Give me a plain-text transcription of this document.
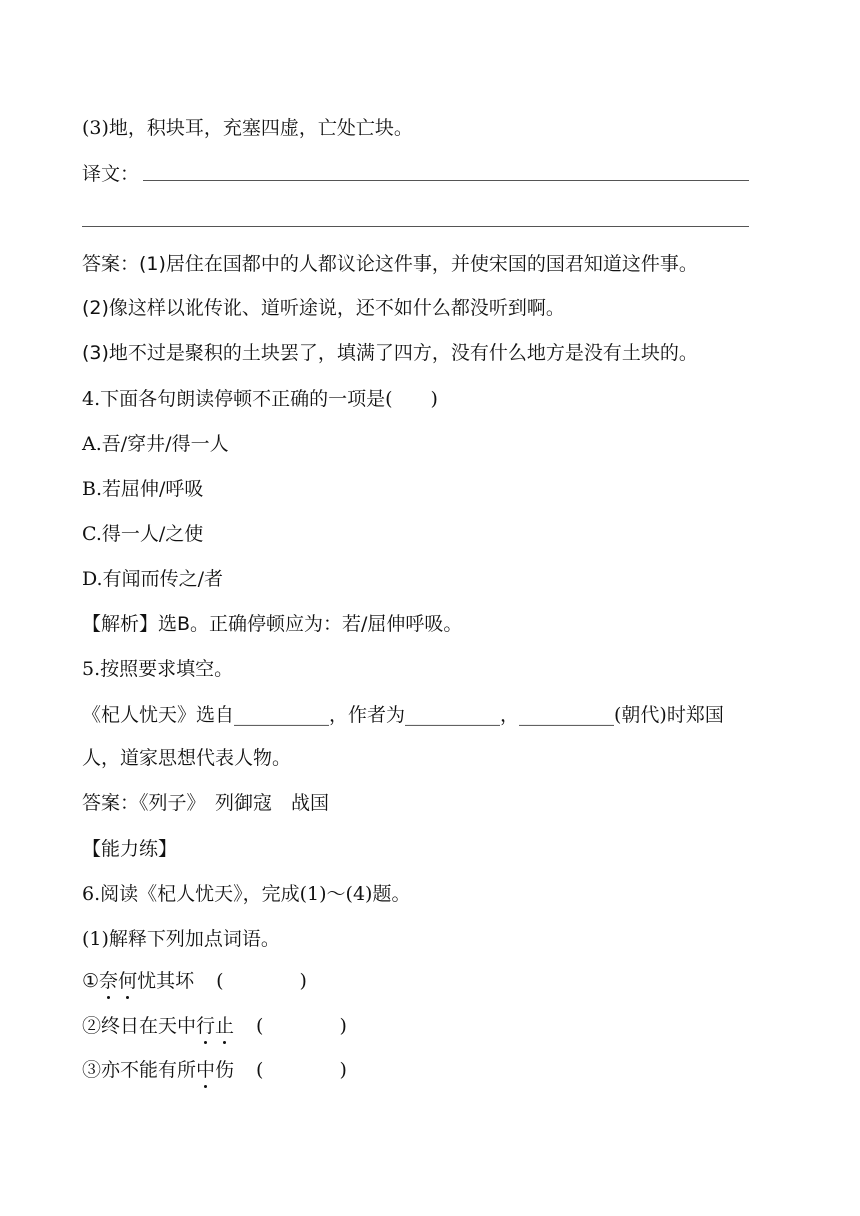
(3)地，积块耳，充塞四虚，亡处亡块。
译文：
答案：(1)居住在国都中的人都议论这件事，并使宋国的国君知道这件事。
(2)像这样以讹传讹、道听途说，还不如什么都没听到啊。
(3)地不过是聚积的土块罢了，填满了四方，没有什么地方是没有土块的。
4.下面各句朗读停顿不正确的一项是(　　)
A.吾/穿井/得一人
B.若屈伸/呼吸
C.得一人/之使
D.有闻而传之/者
【解析】选B。正确停顿应为：若/屈伸呼吸。
5.按照要求填空。
《杞人忧天》选自__________，作者为__________，__________(朝代)时郑国
人，道家思想代表人物。
答案：《列子》　列御寇　战国
【能力练】
6.阅读《杞人忧天》，完成(1)～(4)题。
(1)解释下列加点词语。
①奈何忧其坏 (　　　　)
②终日在天中行止 (　　　　)
③亦不能有所中伤 (　　　　)
